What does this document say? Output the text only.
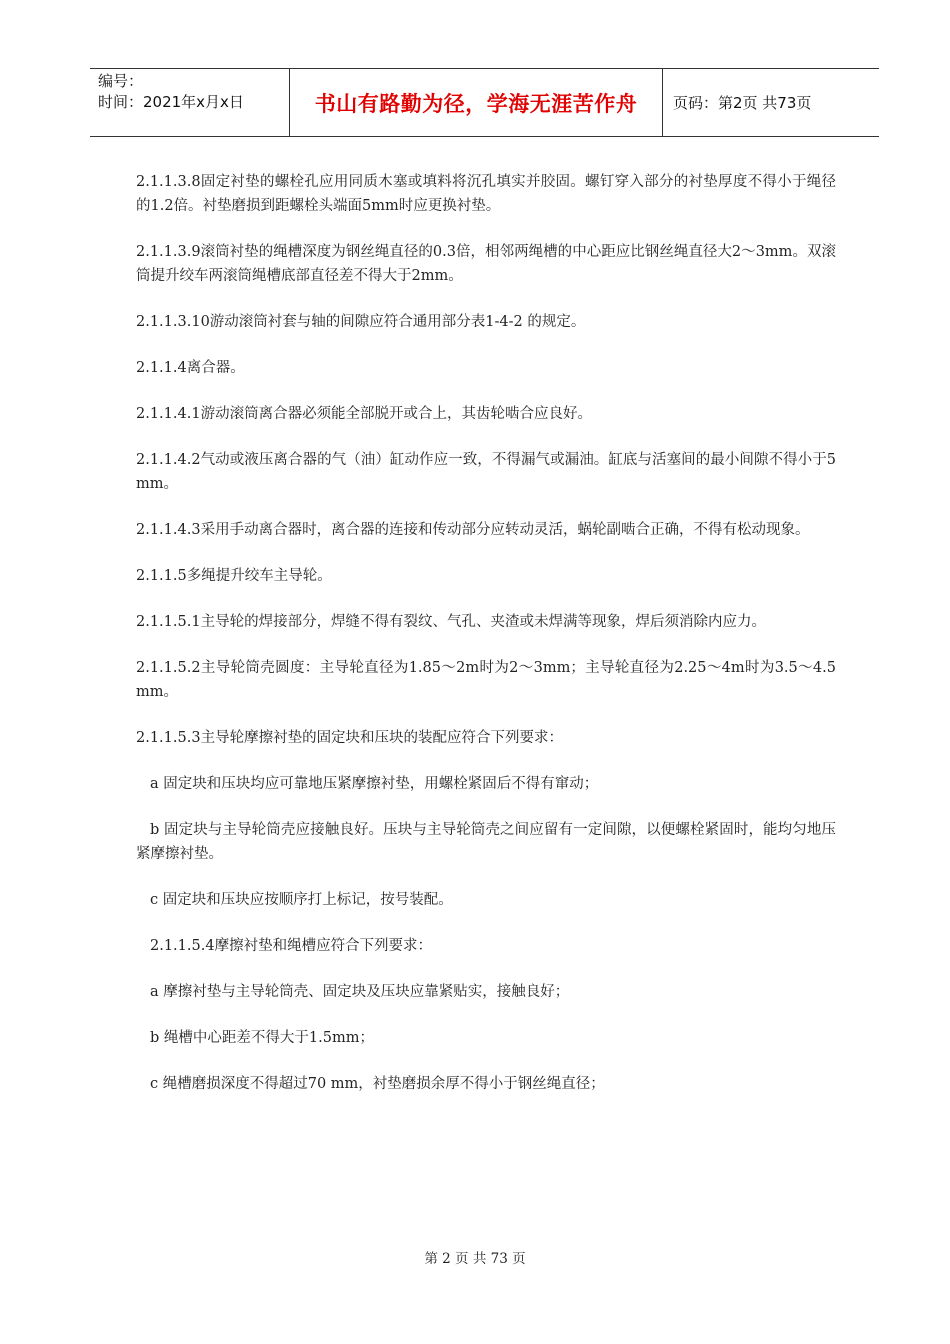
编号：
时间：2021年x月x日	书山有路勤为径，学海无涯苦作舟	页码：第2页 共73页

2.1.1.3.8固定衬垫的螺栓孔应用同质木塞或填料将沉孔填实并胶固。螺钉穿入部分的衬垫厚度不得小于绳径的1.2倍。衬垫磨损到距螺栓头端面5mm时应更换衬垫。

2.1.1.3.9滚筒衬垫的绳槽深度为钢丝绳直径的0.3倍，相邻两绳槽的中心距应比钢丝绳直径大2～3mm。双滚筒提升绞车两滚筒绳槽底部直径差不得大于2mm。

2.1.1.3.10游动滚筒衬套与轴的间隙应符合通用部分表1-4-2 的规定。

2.1.1.4离合器。

2.1.1.4.1游动滚筒离合器必须能全部脱开或合上，其齿轮啮合应良好。

2.1.1.4.2气动或液压离合器的气（油）缸动作应一致，不得漏气或漏油。缸底与活塞间的最小间隙不得小于5mm。

2.1.1.4.3采用手动离合器时，离合器的连接和传动部分应转动灵活，蜗轮副啮合正确，不得有松动现象。

2.1.1.5多绳提升绞车主导轮。

2.1.1.5.1主导轮的焊接部分，焊缝不得有裂纹、气孔、夹渣或未焊满等现象，焊后须消除内应力。

2.1.1.5.2主导轮筒壳圆度：主导轮直径为1.85～2m时为2～3mm；主导轮直径为2.25～4m时为3.5～4.5mm。

2.1.1.5.3主导轮摩擦衬垫的固定块和压块的装配应符合下列要求：

a 固定块和压块均应可靠地压紧摩擦衬垫，用螺栓紧固后不得有窜动；

b 固定块与主导轮筒壳应接触良好。压块与主导轮筒壳之间应留有一定间隙，以便螺栓紧固时，能均匀地压紧摩擦衬垫。

c 固定块和压块应按顺序打上标记，按号装配。

2.1.1.5.4摩擦衬垫和绳槽应符合下列要求：

a 摩擦衬垫与主导轮筒壳、固定块及压块应靠紧贴实，接触良好；

b 绳槽中心距差不得大于1.5mm；

c 绳槽磨损深度不得超过70 mm，衬垫磨损余厚不得小于钢丝绳直径；

第 2 页 共 73 页
